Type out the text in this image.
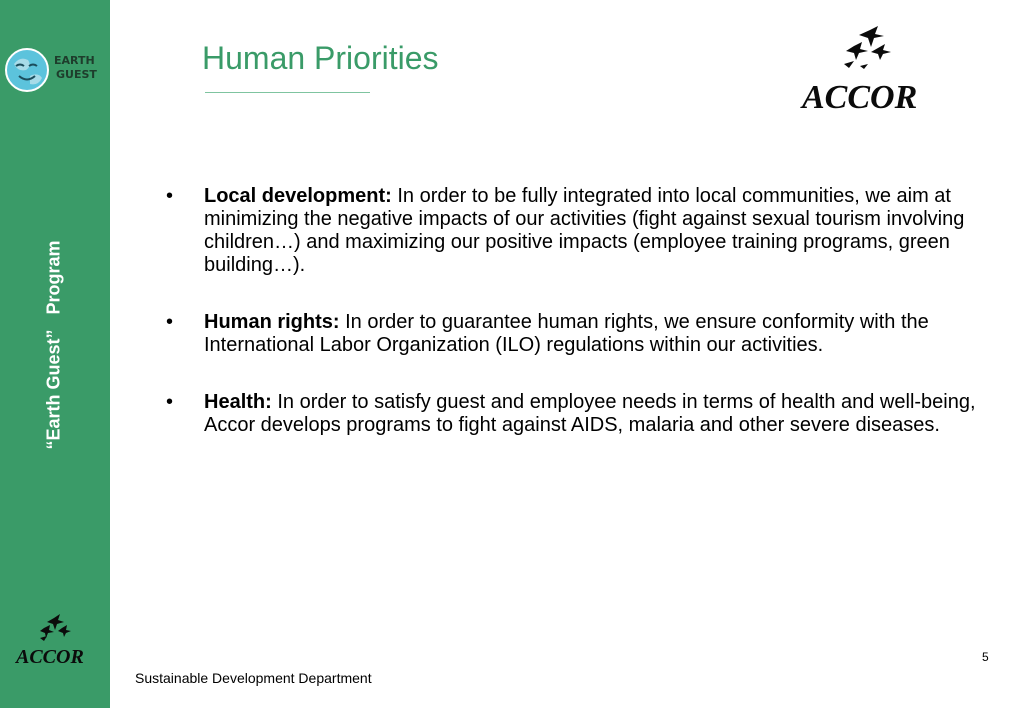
EARTH
GUEST
“Earth Guest”   Program
ACCOR
Human Priorities
ACCOR
• Local development: In order to be fully integrated into local communities, we aim at minimizing the negative impacts of our activities (fight against sexual tourism involving children…) and maximizing our positive impacts (employee training programs, green building…).
• Human rights: In order to guarantee human rights, we ensure conformity with the International Labor Organization (ILO) regulations within our activities.
• Health: In order to satisfy guest and employee needs in terms of health and well-being, Accor develops programs to fight against AIDS, malaria and other severe diseases.
Sustainable Development Department
5
